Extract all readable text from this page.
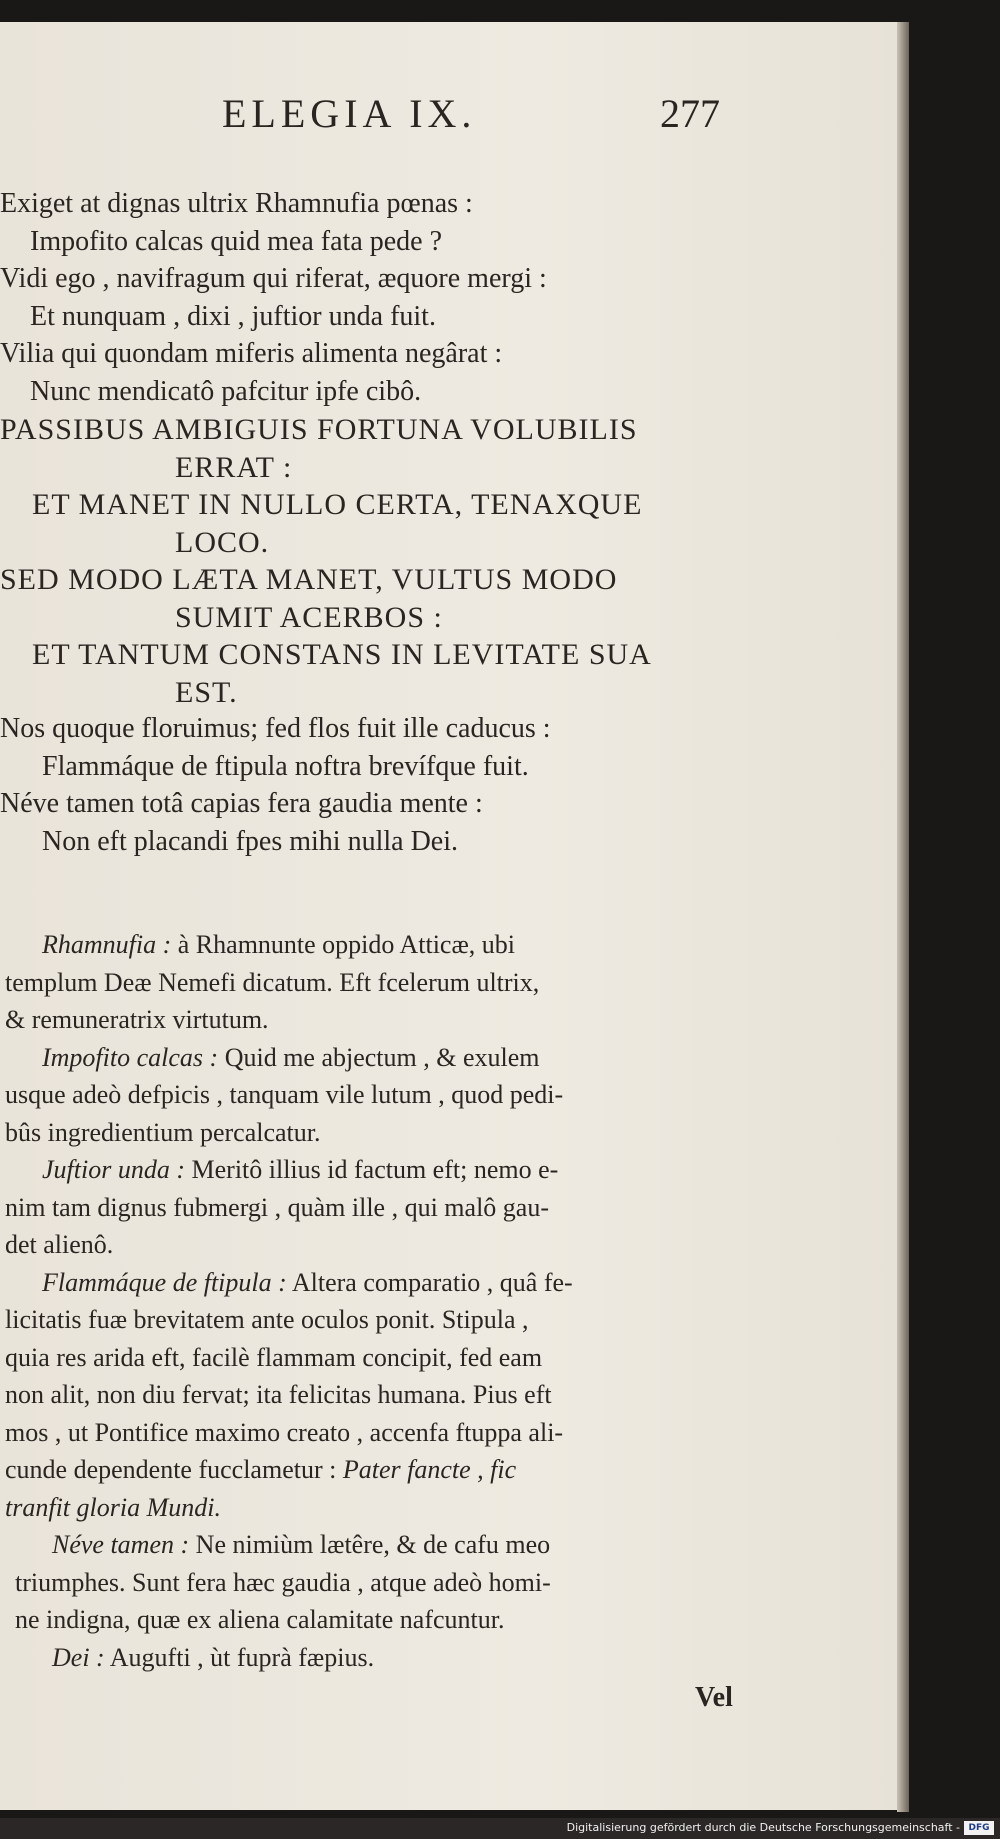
ELEGIA IX.	277
Exiget at dignas ultrix Rhamnufia pœnas :
Impofito calcas quid mea fata pede ?
Vidi ego , navifragum qui riferat, æquore mergi :
Et nunquam , dixi , juftior unda fuit.
Vilia qui quondam miferis alimenta negârat :
Nunc mendicatô pafcitur ipfe cibô.
PASSIBUS AMBIGUIS FORTUNA VOLUBILIS
ERRAT :
ET MANET IN NULLO CERTA, TENAXQUE
LOCO.
SED MODO LÆTA MANET, VULTUS MODO
SUMIT ACERBOS :
ET TANTUM CONSTANS IN LEVITATE SUA
EST.
Nos quoque floruimus; fed flos fuit ille caducus :
Flammáque de ftipula noftra brevífque fuit.
Néve tamen totâ capias fera gaudia mente :
Non eft placandi fpes mihi nulla Dei.
Rhamnufia : à Rhamnunte oppido Atticæ, ubi
templum Deæ Nemefi dicatum. Eft fcelerum ultrix,
& remuneratrix virtutum.
Impofito calcas : Quid me abjectum , & exulem
usque adeò defpicis , tanquam vile lutum , quod pedi-
bûs ingredientium percalcatur.
Juftior unda : Meritô illius id factum eft; nemo e-
nim tam dignus fubmergi , quàm ille , qui malô gau-
det alienô.
Flammáque de ftipula : Altera comparatio , quâ fe-
licitatis fuæ brevitatem ante oculos ponit. Stipula ,
quia res arida eft, facilè flammam concipit, fed eam
non alit, non diu fervat; ita felicitas humana. Pius eft
mos , ut Pontifice maximo creato , accenfa ftuppa ali-
cunde dependente fucclametur : Pater fancte , fic
tranfit gloria Mundi.
Néve tamen : Ne nimiùm lætêre, & de cafu meo
triumphes. Sunt fera hæc gaudia , atque adeò homi-
ne indigna, quæ ex aliena calamitate nafcuntur.
Dei : Augufti , ùt fuprà fæpius.
Vel
Digitalisierung gefördert durch die Deutsche Forschungsgemeinschaft - DFG
